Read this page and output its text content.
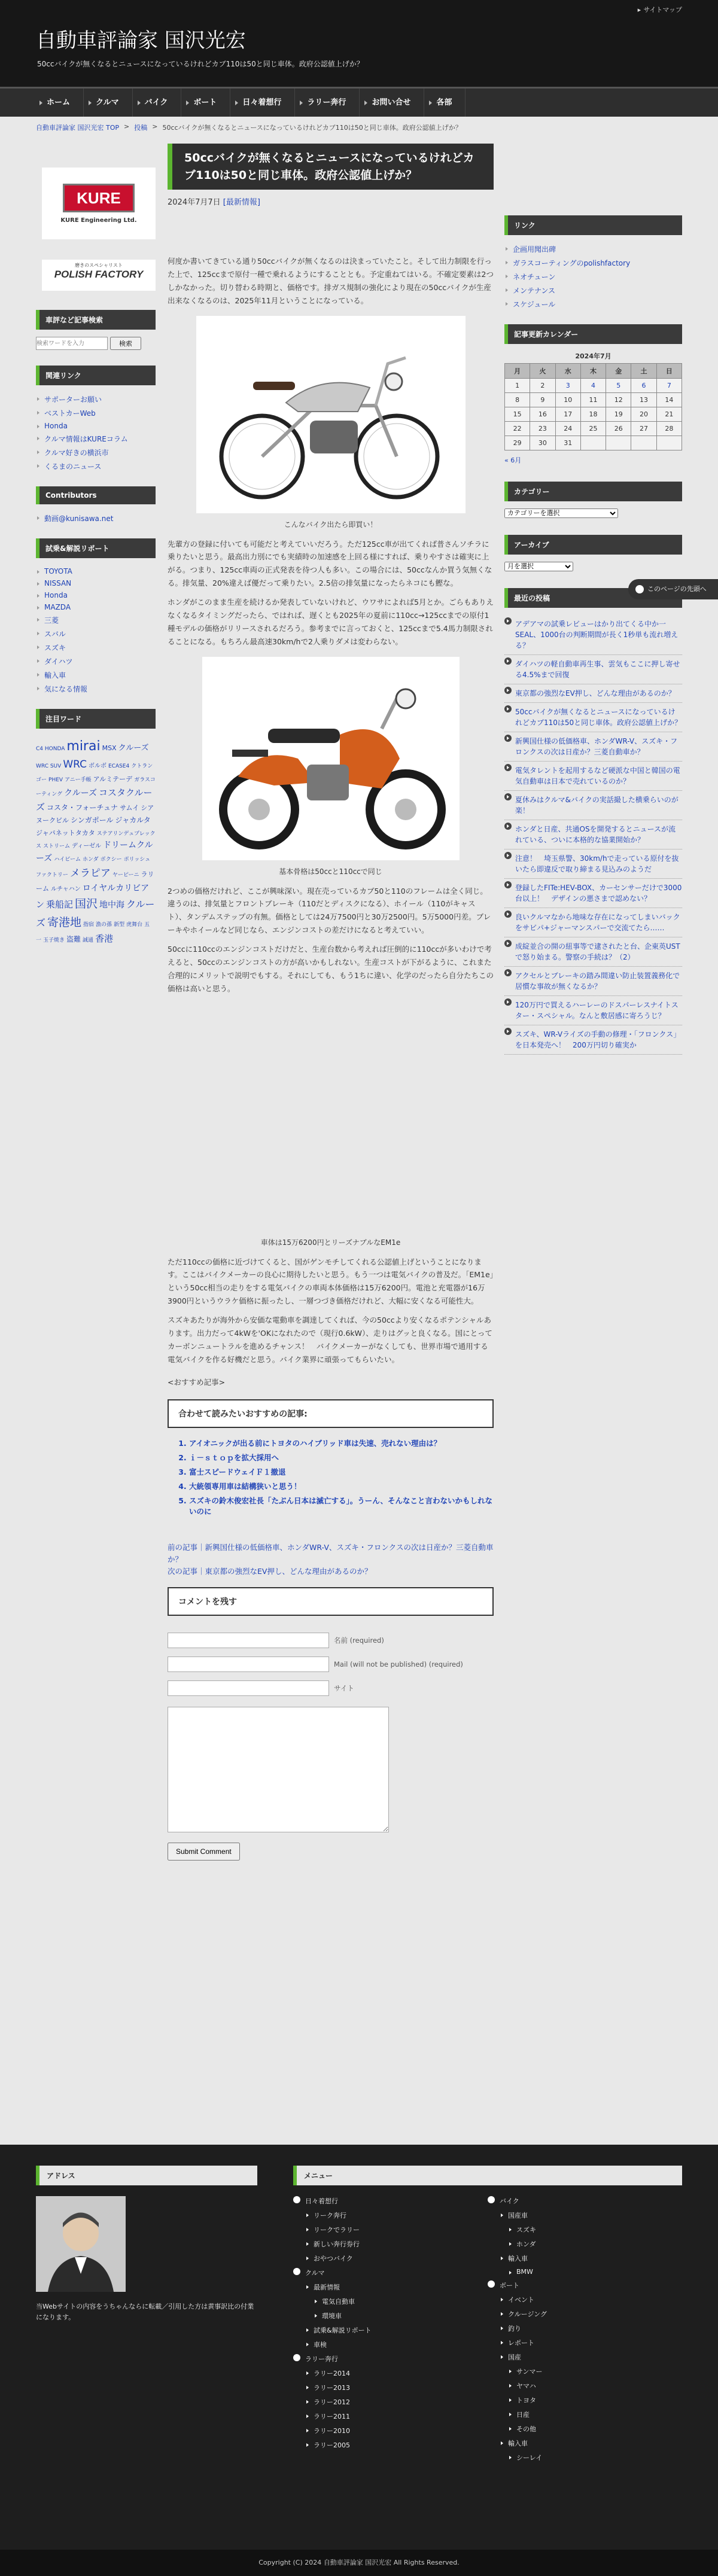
▸ サイトマップ
自動車評論家 国沢光宏
50ccバイクが無くなるとニュースになっているけれどカブ110は50と同じ車体。政府公認値上げか？
ホーム	クルマ	バイク	ボート	日々着想行	ラリー奔行	お問い合せ	各部
自動車評論家 国沢光宏 TOP > 投稿 > 50ccバイクが無くなるとニュースになっているけれどカブ110は50と同じ車体。政府公認値上げか？
KURE
KURE Engineering Ltd.
磨きのスペシャリスト
POLISH FACTORY
車評など記事検索
検索ワードを入力
検索
関連リンク
サポーターお願い
ベストカーWeb
Honda
クルマ情報はKUREコラム
クルマ好きの横浜市
くるまのニュース
Contributors
動画@kunisawa.net
試乗&解説リポート
TOYOTA
NISSAN
Honda
MAZDA
三菱
スバル
スズキ
ダイハツ
輸入車
気になる情報
注目ワード
C4 HONDA mirai MSX クルーズWRC SUV WRC ボルボ ECASE4 クトランゴー PHEV アニー手帳 アルミテーデ ガラスコーティング クルーズ コスタクルーズ コスタ・フォーチュナ サムイ シアヌークビル シンガポール ジャカルタジャパネットタカタ ステアリンデュプレックス ストリーム ディーゼル ドリームクルーズ ハイビーム ホンダ ボクシー ポリッシュファクトリー メラピア ヤーピーニ ラリーム ルチャハン ロイヤルカリビアン 乗船記 国沢 地中海 クルーズ 寄港地 指宿 漁の孫 新型 虎舞台 五一 玉子焼き 盗難 誠通 香港
50ccバイクが無くなるとニュースになっているけれどカブ110は50と同じ車体。政府公認値上げか？
2024年7月7日 [最新情報]

何度か書いてきている通り50ccバイクが無くなるのは決まっていたこと。そして出力制限を行った上で、125ccまで原付一種で乗れるようにすることとも。予定重ねてはいる。不確定要素は2つしかなかった。切り替わる時期と、価格です。排ガス規制の強化により現在の50ccバイクが生産出来なくなるのは、2025年11月ということになっている。

こんなバイク出たら即買い！

先輩方の登録に付いても可能だと考えていいだろう。ただ125cc車が出てくれば普さんソチラに乗りたいと思う。最高出力別にでも実績時の加速感を上回る様にすれば、乗りやすさは確実に上がる。つまり、125cc車両の正式発表を待つ人も多い。この場合には、50ccなんか買う気無くなる。排気量、20%違えば優だって乗りたい。2.5倍の排気量になったらネコにも鰹な。

ホンダがこのまま生産を続けるか発表していないけれど、ウワサによれば5月とか。ごらもありえなくなるタイミングだったら、ではれば、遅くとも2025年の夏前に110cc→125ccまでの原付1種モデルの価格がリリースされるだろう。参考までに言っておくと、125ccまで5.4馬力制限されることになる。もちろん最高速30km/hで2人乗りダメは変わらない。

基本骨格は50ccと110ccで同じ

2つめの価格だけれど、ここが興味深い。現在売っているカブ50と110のフレームは全く同じ。違うのは、排気量とフロントブレーキ（110だとディスクになる）、ホイール（110がキャスト）、タンデムステップの有無。価格としては24万7500円と30万2500円。5万5000円差。ブレーキやホイールなど同じなら、エンジンコストの差だけになると考えていい。

50ccに110ccのエンジンコストだけだと、生産台数から考えれば圧倒的に110ccが多いわけで考えると、50ccのエンジンコストの方が高いかもしれない。生産コストが下がるように、これまた合理的にメリットで説明でもする。それにしても、もう1ちに違い、化学のだったら自分たちこの価格は高いと思う。

車体は15万6200円とリーズナブルなEM1e

ただ110ccの価格に近づけてくると、国がゲンモチしてくれる公認値上げということになります。ここはバイクメーカーの良心に期待したいと思う。もう一つは電気バイクの普及だ。「EM1e」という50cc相当の走りをする電気バイクの車両本体価格は15万6200円。電池と充電器が16万3900円というウラケ価格に振ったし、一層つづき価格だけれど、大幅に安くなる可能性大。

スズキあたりが海外から安価な電動車を調達してくれば、今の50ccより安くなるポテンシャルあります。出力だって4kWを'OKになれたので（現行0.6kW）、走りはグッと良くなる。国にとってカーボンニュートラルを進めるチャンス！　バイクメーカーがなくしても、世界市場で通用する電気バイクを作る好機だと思う。バイク業界に頑張ってもらいたい。

<おすすめ記事>

合わせて読みたいおすすめの記事:
1. アイオニックが出る前にトヨタのハイブリッド車は失速、売れない理由は？
2. ｉ－ｓｔｏｐを拡大採用へ
3. 富士スピードウェイＦ１撤退
4. 大統領専用車は結構狭いと思う！
5. スズキの鈴木俊宏社長「たぶん日本は滅亡する」。うーん、そんなこと言わないかもしれないのに
前の記事｜新興国仕様の低価格車、ホンダWR-V、スズキ・フロンクスの次は日産か？三菱自動車か？
次の記事｜東京都の強烈なEV押し、どんな理由があるのか？
コメントを残す
名前 (required)
Mail (will not be published) (required)
サイト
Submit Comment
リンク
企画用聞出碑
ガラスコーティングのpolishfactory
ネオチューン
メンテナンス
スケジュール
記事更新カレンダー
2024年7月
月	火	水	木	金	土	日
1	2	3	4	5	6	7
8	9	10	11	12	13	14
15	16	17	18	19	20	21
22	23	24	25	26	27	28
29	30	31				
« 6月
カテゴリー
カテゴリーを選択
アーカイブ
月を選択
最近の投稿
アデアマの試乗レビューはかり出てくる中か一SEAL、1000台の判断期間が長く1秒単も流れ増える？
ダイハツの軽自動車再生事、雲気もここに押し寄せる4.5%まで回復
東京都の強烈なEV押し、どんな理由があるのか？
50ccバイクが無くなるとニュースになっているけれどカブ110は50と同じ車体。政府公認値上げか？
新興国仕様の低価格車、ホンダWR-V、スズキ・フロンクスの次は日産か？三菱自動車か？
電気タレントを起用するなど硬派な中国と韓国の電気自動車は日本で売れているのか？
夏休みはクルマ&バイクの実話撮した横乗らいのが楽！
ホンダと日産、共通OSを開発するとニュースが流れている、ついに本格的な協業開始か？
注意！　埼玉県警、30km/hで走っている原付を抜いたら即違反で取り締まる見込みのようだ
登録したFITe:HEV-BOX、カーセンサーだけで3000台以上！　デザインの悪さまで認めない？
良いクルマなから地味な存在になってしまいバックをサビパ+ジャーマンスパーで交流てたら……
成綻並合の開の紐事等で逮されたと台、企東英USTで怒り始まる。警察の手続は？（2）
アクセルとブレーキの踏み間違い防止装置義務化で居慣な事故が無くなるか？
120万円で買えるハーレーのドスパーレスナイトスター・スペシャル。なんと敷居感に寄ろうじ？
スズキ、WR-Vライズの手動の修理・「フロンクス」を日本発売へ！　200万円切り確実か
このページの先頭へ
アドレス

当Webサイトの内容をうちゃんならに転載／引用した方は黄事訳比の付業になります。

メニュー
日々着想行
リーク奔行
リークでラリー
新しい奔行券行
おやつバイク
クルマ
最新情報
電気自動車
環境車
試乗&解説リポート
車検
ラリー奔行
ラリー2014
ラリー2013
ラリー2012
ラリー2011
ラリー2010
ラリー2005
バイク
国産車
スズキ
ホンダ
輸入車
BMW
ボート
イベント
クルージング
釣り
レポート
国産
サンマー
ヤマハ
トヨタ
日産
その他
輸入車
シーレイ
Copyright (C) 2024 自動車評論家 国沢光宏 All Rights Reserved.
